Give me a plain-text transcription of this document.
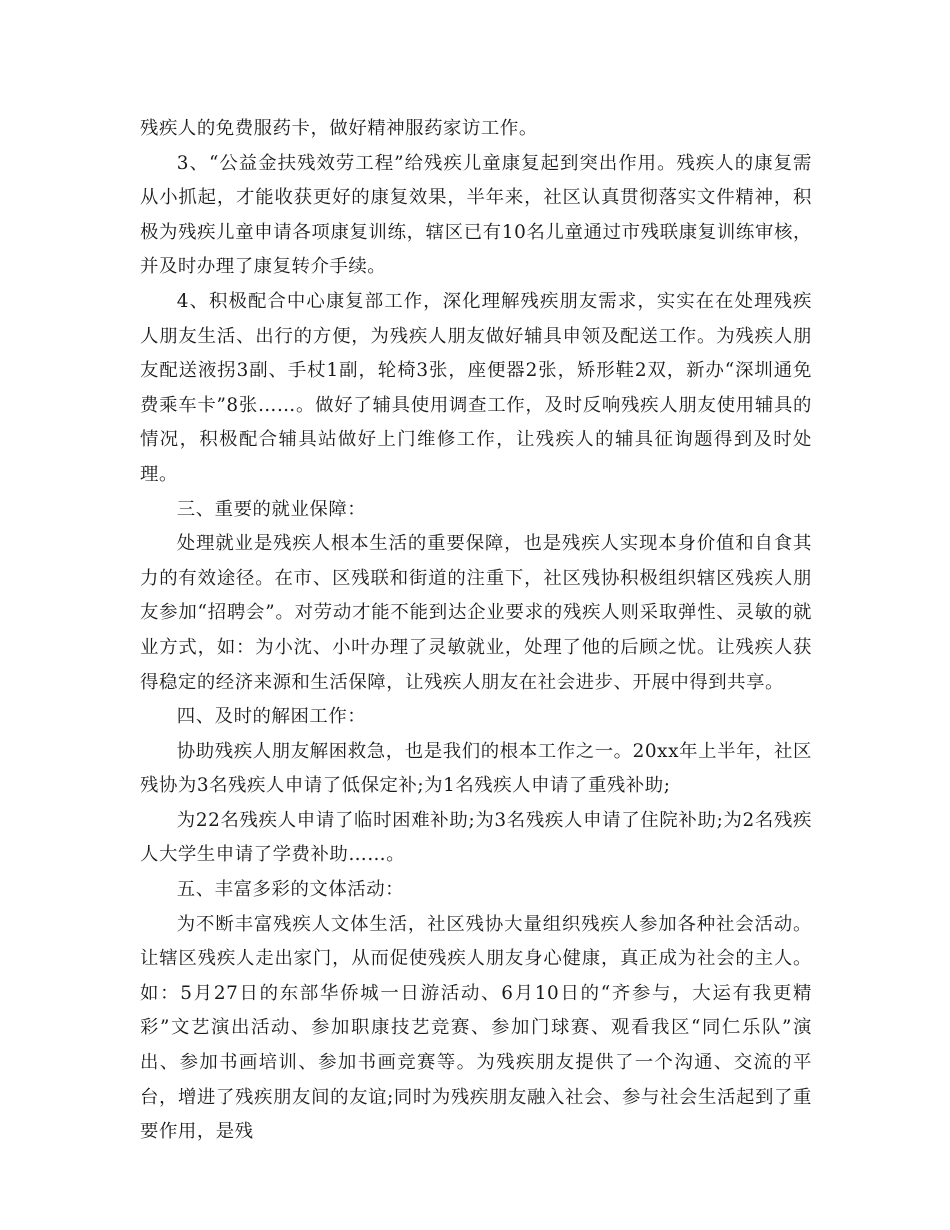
残疾人的免费服药卡，做好精神服药家访工作。

3、“公益金扶残效劳工程”给残疾儿童康复起到突出作用。残疾人的康复需从小抓起，才能收获更好的康复效果，半年来，社区认真贯彻落实文件精神，积极为残疾儿童申请各项康复训练，辖区已有10名儿童通过市残联康复训练审核，并及时办理了康复转介手续。

4、积极配合中心康复部工作，深化理解残疾朋友需求，实实在在处理残疾人朋友生活、出行的方便，为残疾人朋友做好辅具申领及配送工作。为残疾人朋友配送液拐3副、手杖1副，轮椅3张，座便器2张，矫形鞋2双，新办“深圳通免费乘车卡”8张……。做好了辅具使用调查工作，及时反响残疾人朋友使用辅具的情况，积极配合辅具站做好上门维修工作，让残疾人的辅具征询题得到及时处理。

三、重要的就业保障：

处理就业是残疾人根本生活的重要保障，也是残疾人实现本身价值和自食其力的有效途径。在市、区残联和街道的注重下，社区残协积极组织辖区残疾人朋友参加“招聘会”。对劳动才能不能到达企业要求的残疾人则采取弹性、灵敏的就业方式，如：为小沈、小叶办理了灵敏就业，处理了他的后顾之忧。让残疾人获得稳定的经济来源和生活保障，让残疾人朋友在社会进步、开展中得到共享。

四、及时的解困工作：

协助残疾人朋友解困救急，也是我们的根本工作之一。20xx年上半年，社区残协为3名残疾人申请了低保定补;为1名残疾人申请了重残补助;

为22名残疾人申请了临时困难补助;为3名残疾人申请了住院补助;为2名残疾人大学生申请了学费补助……。

五、丰富多彩的文体活动：

为不断丰富残疾人文体生活，社区残协大量组织残疾人参加各种社会活动。让辖区残疾人走出家门，从而促使残疾人朋友身心健康，真正成为社会的主人。如：5月27日的东部华侨城一日游活动、6月10日的“齐参与，大运有我更精彩”文艺演出活动、参加职康技艺竞赛、参加门球赛、观看我区“同仁乐队”演出、参加书画培训、参加书画竞赛等。为残疾朋友提供了一个沟通、交流的平台，增进了残疾朋友间的友谊;同时为残疾朋友融入社会、参与社会生活起到了重要作用，是残
